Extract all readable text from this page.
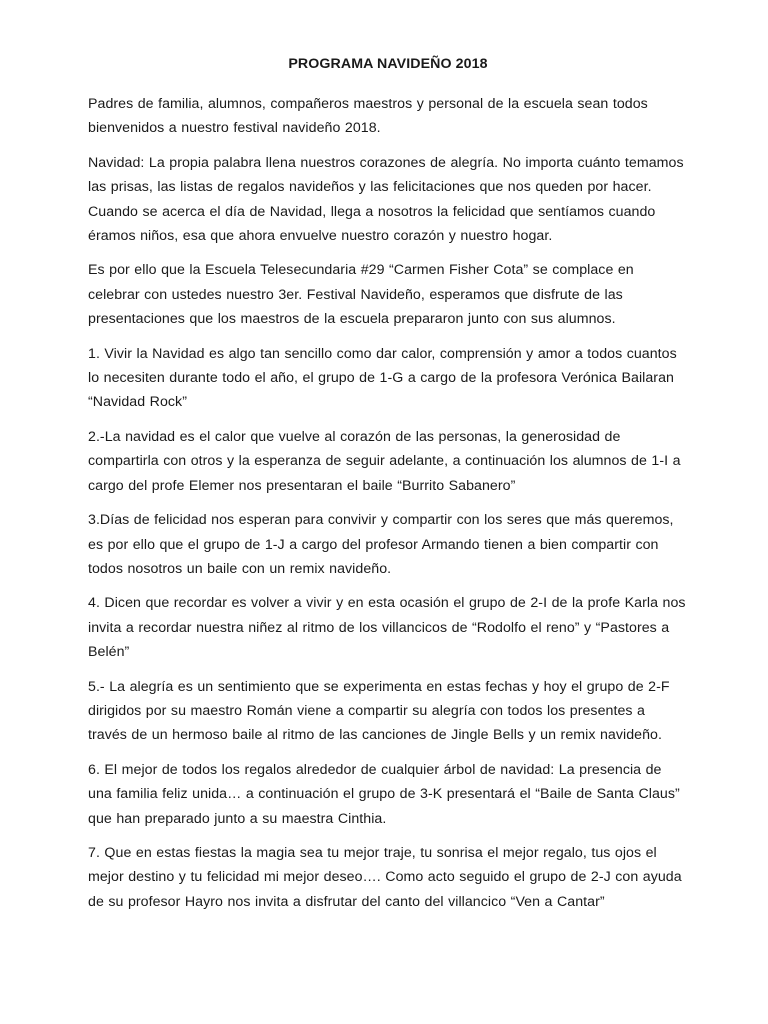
PROGRAMA NAVIDEÑO 2018

Padres de familia, alumnos, compañeros maestros y personal de la escuela sean todos bienvenidos a nuestro festival navideño 2018.

Navidad: La propia palabra llena nuestros corazones de alegría. No importa cuánto temamos las prisas, las listas de regalos navideños y las felicitaciones que nos queden por hacer. Cuando se acerca el día de Navidad, llega a nosotros la felicidad que sentíamos cuando éramos niños, esa que ahora envuelve nuestro corazón y nuestro hogar.

Es por ello que la Escuela Telesecundaria #29 “Carmen Fisher Cota” se complace en celebrar con ustedes nuestro 3er. Festival Navideño, esperamos que disfrute de las presentaciones que los maestros de la escuela prepararon junto con sus alumnos.

1. Vivir la Navidad es algo tan sencillo como dar calor, comprensión y amor a todos cuantos lo necesiten durante todo el año, el grupo de 1-G a cargo de la profesora Verónica Bailaran “Navidad Rock”

2.-La navidad es el calor que vuelve al corazón de las personas, la generosidad de compartirla con otros y la esperanza de seguir adelante, a continuación los alumnos de 1-I a cargo del profe Elemer nos presentaran el baile “Burrito Sabanero”

3.Días de felicidad nos esperan para convivir y compartir con los seres que más queremos, es por ello que el grupo de 1-J a cargo del profesor Armando tienen a bien compartir con todos nosotros un baile con un remix navideño.

4. Dicen que recordar es volver a vivir y en esta ocasión el grupo de 2-I de la profe Karla nos invita a recordar nuestra niñez al ritmo de los villancicos de “Rodolfo el reno” y “Pastores a Belén”

5.- La alegría es un sentimiento que se experimenta en estas fechas y hoy el grupo de 2-F dirigidos por su maestro Román viene a compartir su alegría con todos los presentes a través de un hermoso baile al ritmo de las canciones de Jingle Bells y un remix navideño.

6. El mejor de todos los regalos alrededor de cualquier árbol de navidad: La presencia de una familia feliz unida… a continuación el grupo de 3-K presentará el “Baile de Santa Claus” que han preparado junto a su maestra Cinthia.

7. Que en estas fiestas la magia sea tu mejor traje, tu sonrisa el mejor regalo, tus ojos el mejor destino y tu felicidad mi mejor deseo…. Como acto seguido el grupo de 2-J con ayuda de su profesor Hayro nos invita a disfrutar del canto del villancico “Ven a Cantar”
